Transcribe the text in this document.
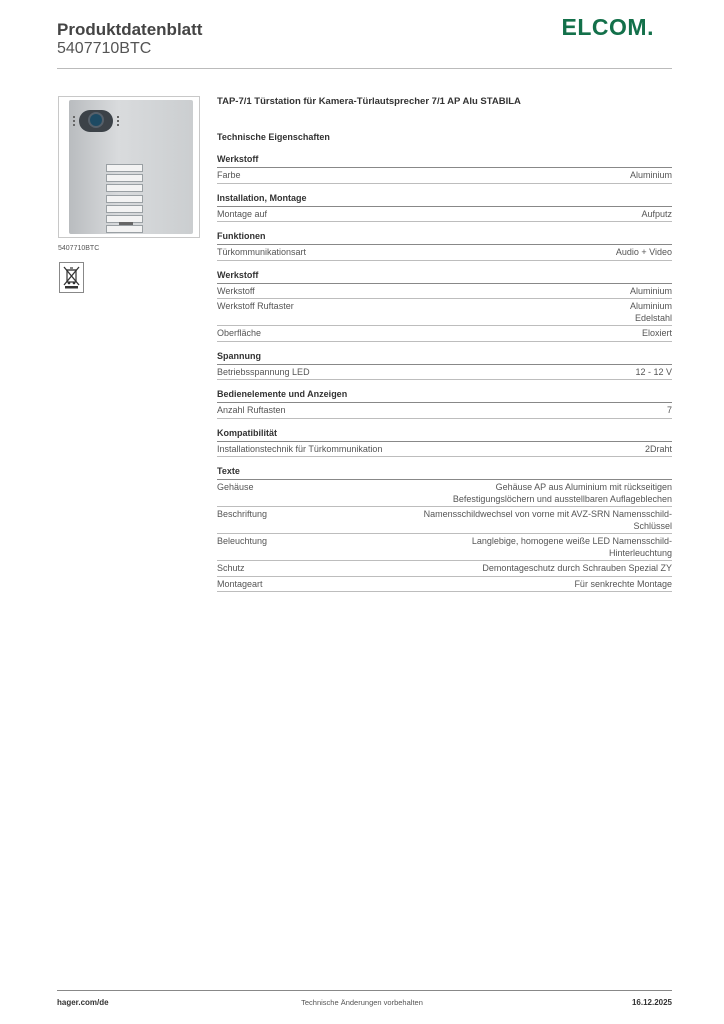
Produktdatenblatt
5407710BTC
ELCOM.
5407710BTC
TAP-7/1 Türstation für Kamera-Türlautsprecher 7/1 AP Alu STABILA
Technische Eigenschaften
Werkstoff
Farbe	Aluminium
Installation, Montage
Montage auf	Aufputz
Funktionen
Türkommunikationsart	Audio + Video
Werkstoff
Werkstoff	Aluminium
Werkstoff Ruftaster	Aluminium
Edelstahl
Oberfläche	Eloxiert
Spannung
Betriebsspannung LED	12 - 12 V
Bedienelemente und Anzeigen
Anzahl Ruftasten	7
Kompatibilität
Installationstechnik für Türkommunikation	2Draht
Texte
Gehäuse	Gehäuse AP aus Aluminium mit rückseitigen
Befestigungslöchern und ausstellbaren Auflageblechen
Beschriftung	Namensschildwechsel von vorne mit AVZ-SRN Namensschild-
Schlüssel
Beleuchtung	Langlebige, homogene weiße LED Namensschild-
Hinterleuchtung
Schutz	Demontageschutz durch Schrauben Spezial ZY
Montageart	Für senkrechte Montage
hager.com/de	Technische Änderungen vorbehalten	16.12.2025
